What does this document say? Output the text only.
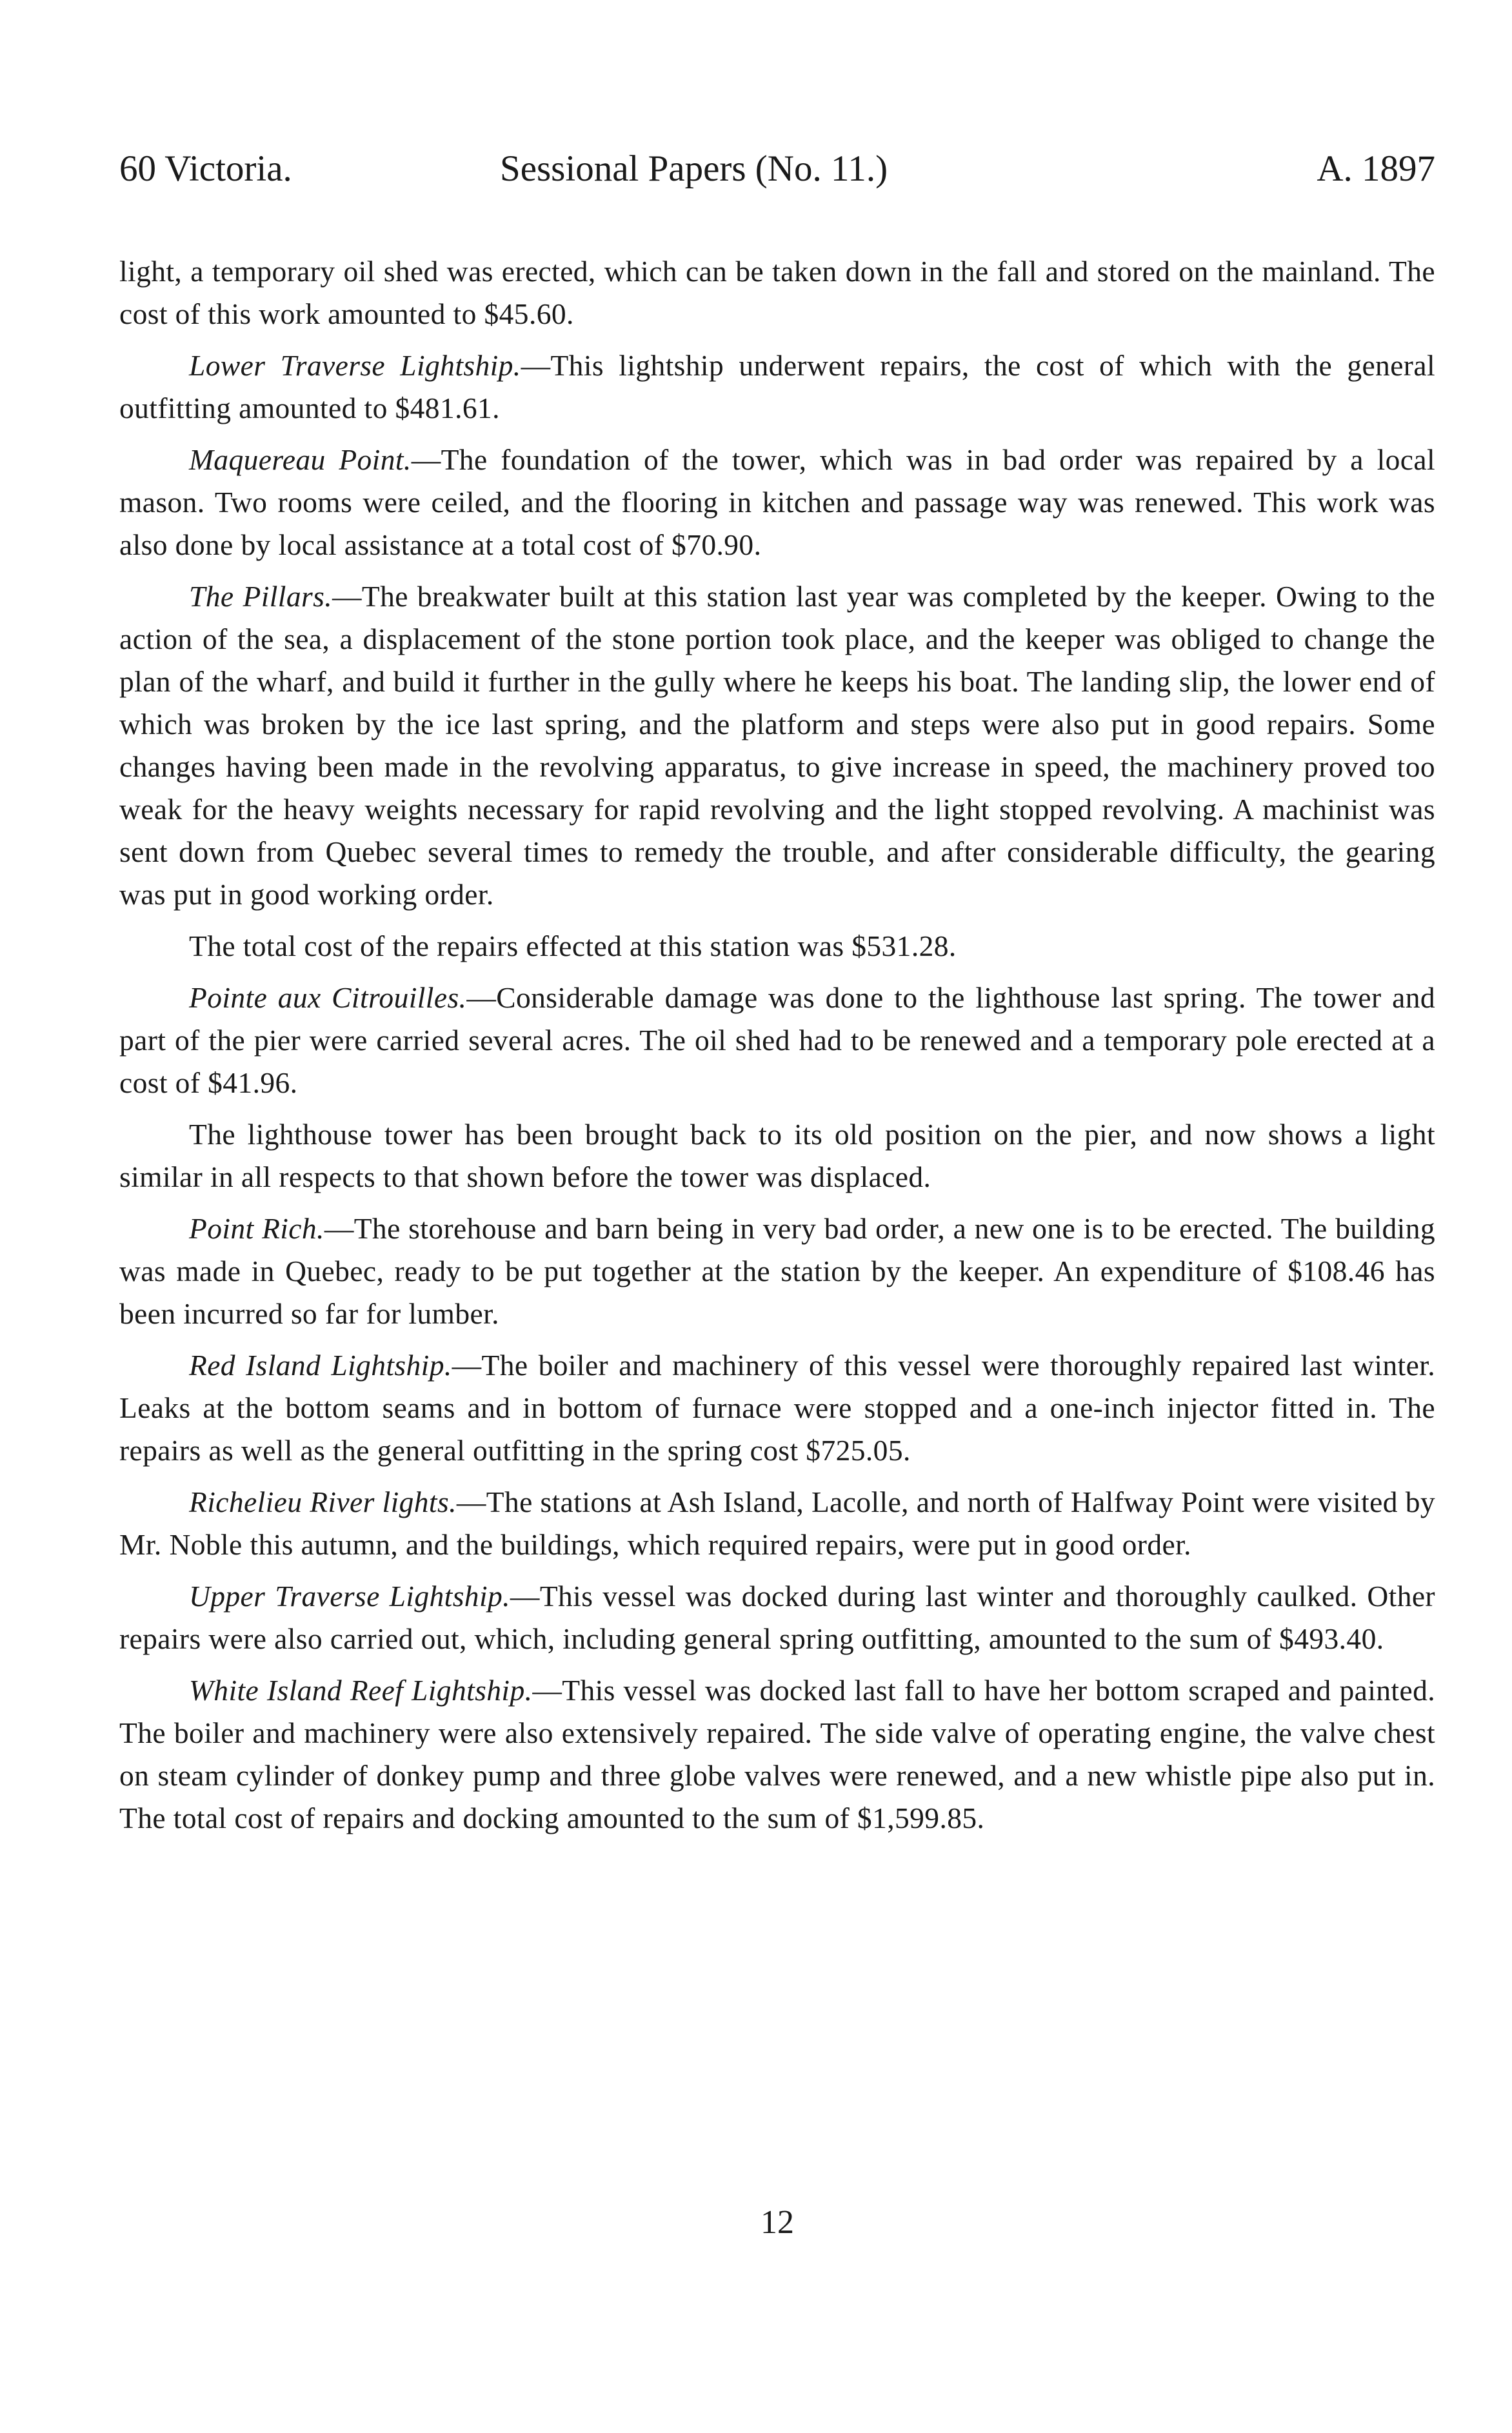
60 Victoria.	Sessional Papers (No. 11.)	A. 1897

light, a temporary oil shed was erected, which can be taken down in the fall and stored on the mainland. The cost of this work amounted to $45.60.

Lower Traverse Lightship.—This lightship underwent repairs, the cost of which with the general outfitting amounted to $481.61.

Maquereau Point.—The foundation of the tower, which was in bad order was repaired by a local mason. Two rooms were ceiled, and the flooring in kitchen and passage way was renewed. This work was also done by local assistance at a total cost of $70.90.

The Pillars.—The breakwater built at this station last year was completed by the keeper. Owing to the action of the sea, a displacement of the stone portion took place, and the keeper was obliged to change the plan of the wharf, and build it further in the gully where he keeps his boat. The landing slip, the lower end of which was broken by the ice last spring, and the platform and steps were also put in good repairs. Some changes having been made in the revolving apparatus, to give increase in speed, the machinery proved too weak for the heavy weights necessary for rapid revolving and the light stopped revolving. A machinist was sent down from Quebec several times to remedy the trouble, and after considerable difficulty, the gearing was put in good working order.

The total cost of the repairs effected at this station was $531.28.

Pointe aux Citrouilles.—Considerable damage was done to the lighthouse last spring. The tower and part of the pier were carried several acres. The oil shed had to be renewed and a temporary pole erected at a cost of $41.96.

The lighthouse tower has been brought back to its old position on the pier, and now shows a light similar in all respects to that shown before the tower was displaced.

Point Rich.—The storehouse and barn being in very bad order, a new one is to be erected. The building was made in Quebec, ready to be put together at the station by the keeper. An expenditure of $108.46 has been incurred so far for lumber.

Red Island Lightship.—The boiler and machinery of this vessel were thoroughly repaired last winter. Leaks at the bottom seams and in bottom of furnace were stopped and a one-inch injector fitted in. The repairs as well as the general outfitting in the spring cost $725.05.

Richelieu River lights.—The stations at Ash Island, Lacolle, and north of Halfway Point were visited by Mr. Noble this autumn, and the buildings, which required repairs, were put in good order.

Upper Traverse Lightship.—This vessel was docked during last winter and thoroughly caulked. Other repairs were also carried out, which, including general spring outfitting, amounted to the sum of $493.40.

White Island Reef Lightship.—This vessel was docked last fall to have her bottom scraped and painted. The boiler and machinery were also extensively repaired. The side valve of operating engine, the valve chest on steam cylinder of donkey pump and three globe valves were renewed, and a new whistle pipe also put in. The total cost of repairs and docking amounted to the sum of $1,599.85.

12
